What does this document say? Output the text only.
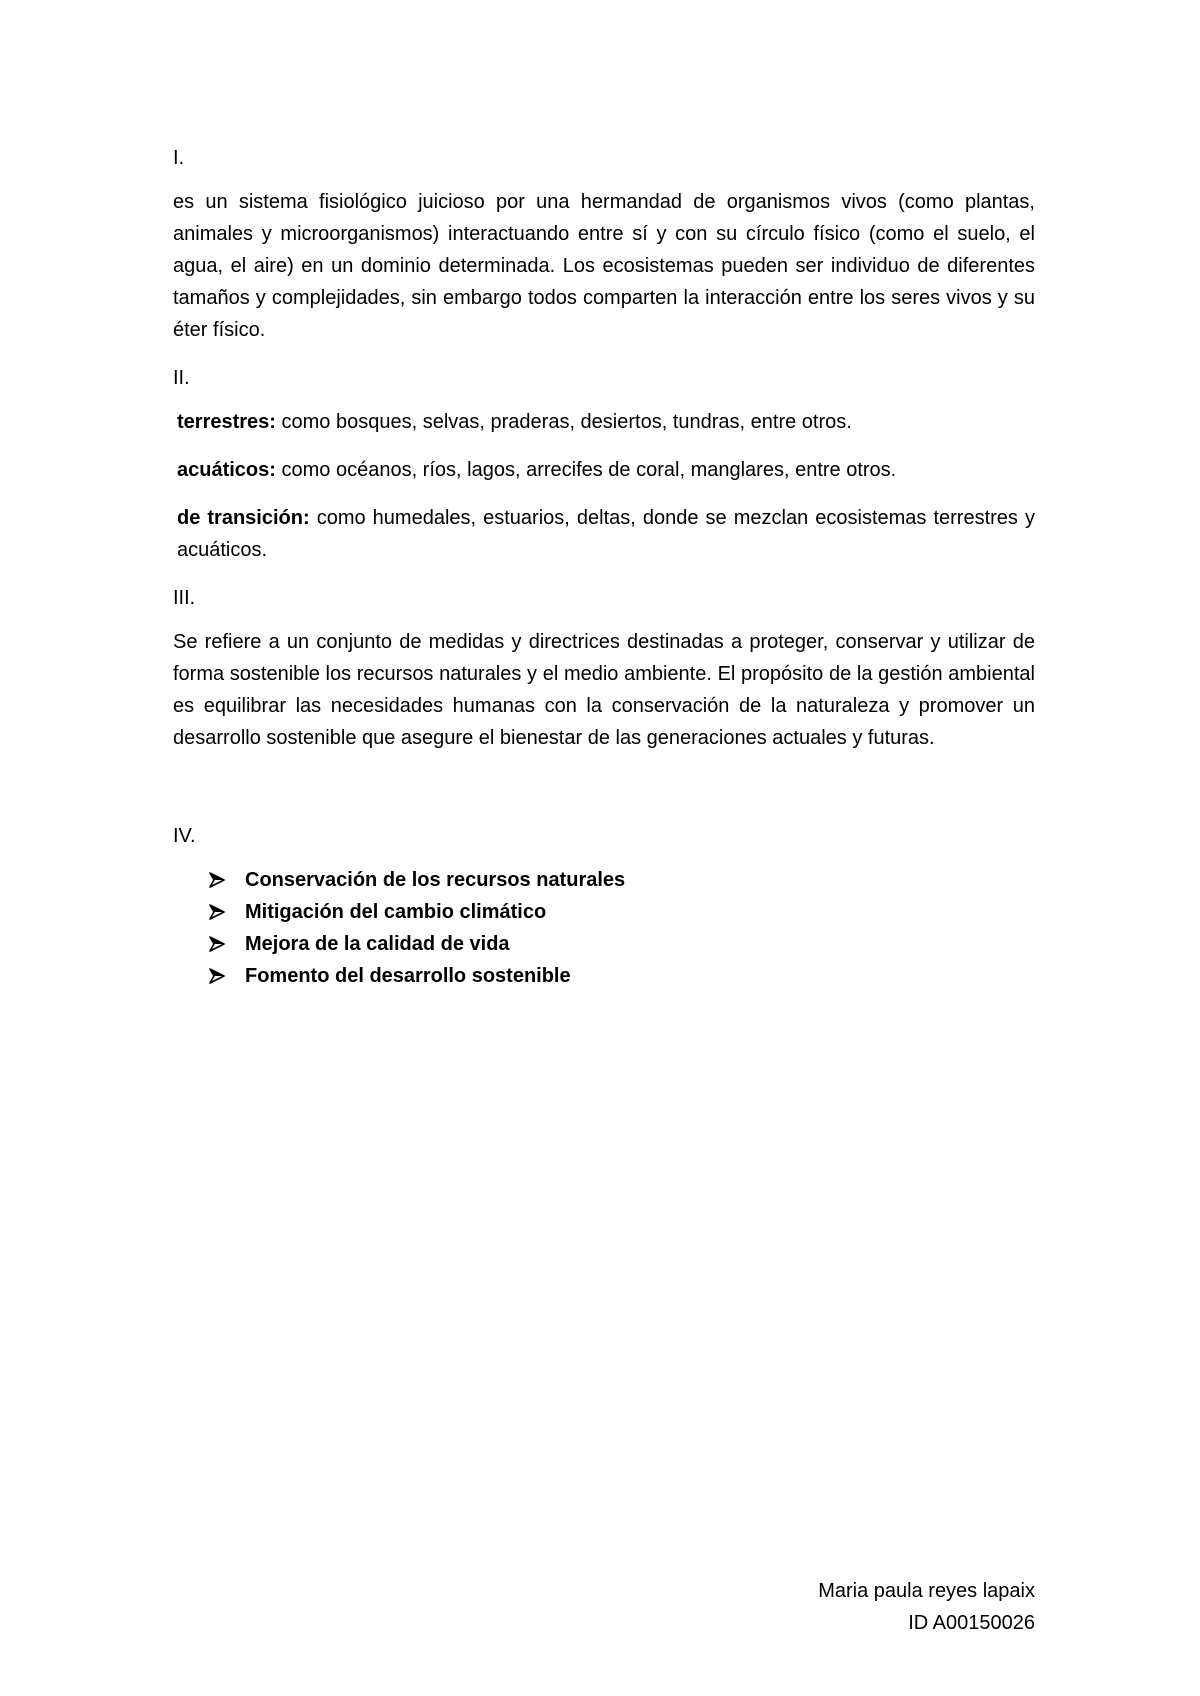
I.

es un sistema fisiológico juicioso por una hermandad de organismos vivos (como plantas, animales y microorganismos) interactuando entre sí y con su círculo físico (como el suelo, el agua, el aire) en un dominio determinada. Los ecosistemas pueden ser individuo de diferentes tamaños y complejidades, sin embargo todos comparten la interacción entre los seres vivos y su éter físico.

II.

terrestres: como bosques, selvas, praderas, desiertos, tundras, entre otros.

acuáticos: como océanos, ríos, lagos, arrecifes de coral, manglares, entre otros.

de transición: como humedales, estuarios, deltas, donde se mezclan ecosistemas terrestres y acuáticos.

III.

Se refiere a un conjunto de medidas y directrices destinadas a proteger, conservar y utilizar de forma sostenible los recursos naturales y el medio ambiente. El propósito de la gestión ambiental es equilibrar las necesidades humanas con la conservación de la naturaleza y promover un desarrollo sostenible que asegure el bienestar de las generaciones actuales y futuras.

IV.
Conservación de los recursos naturales
Mitigación del cambio climático
Mejora de la calidad de vida
Fomento del desarrollo sostenible
Maria paula reyes lapaix
ID A00150026
